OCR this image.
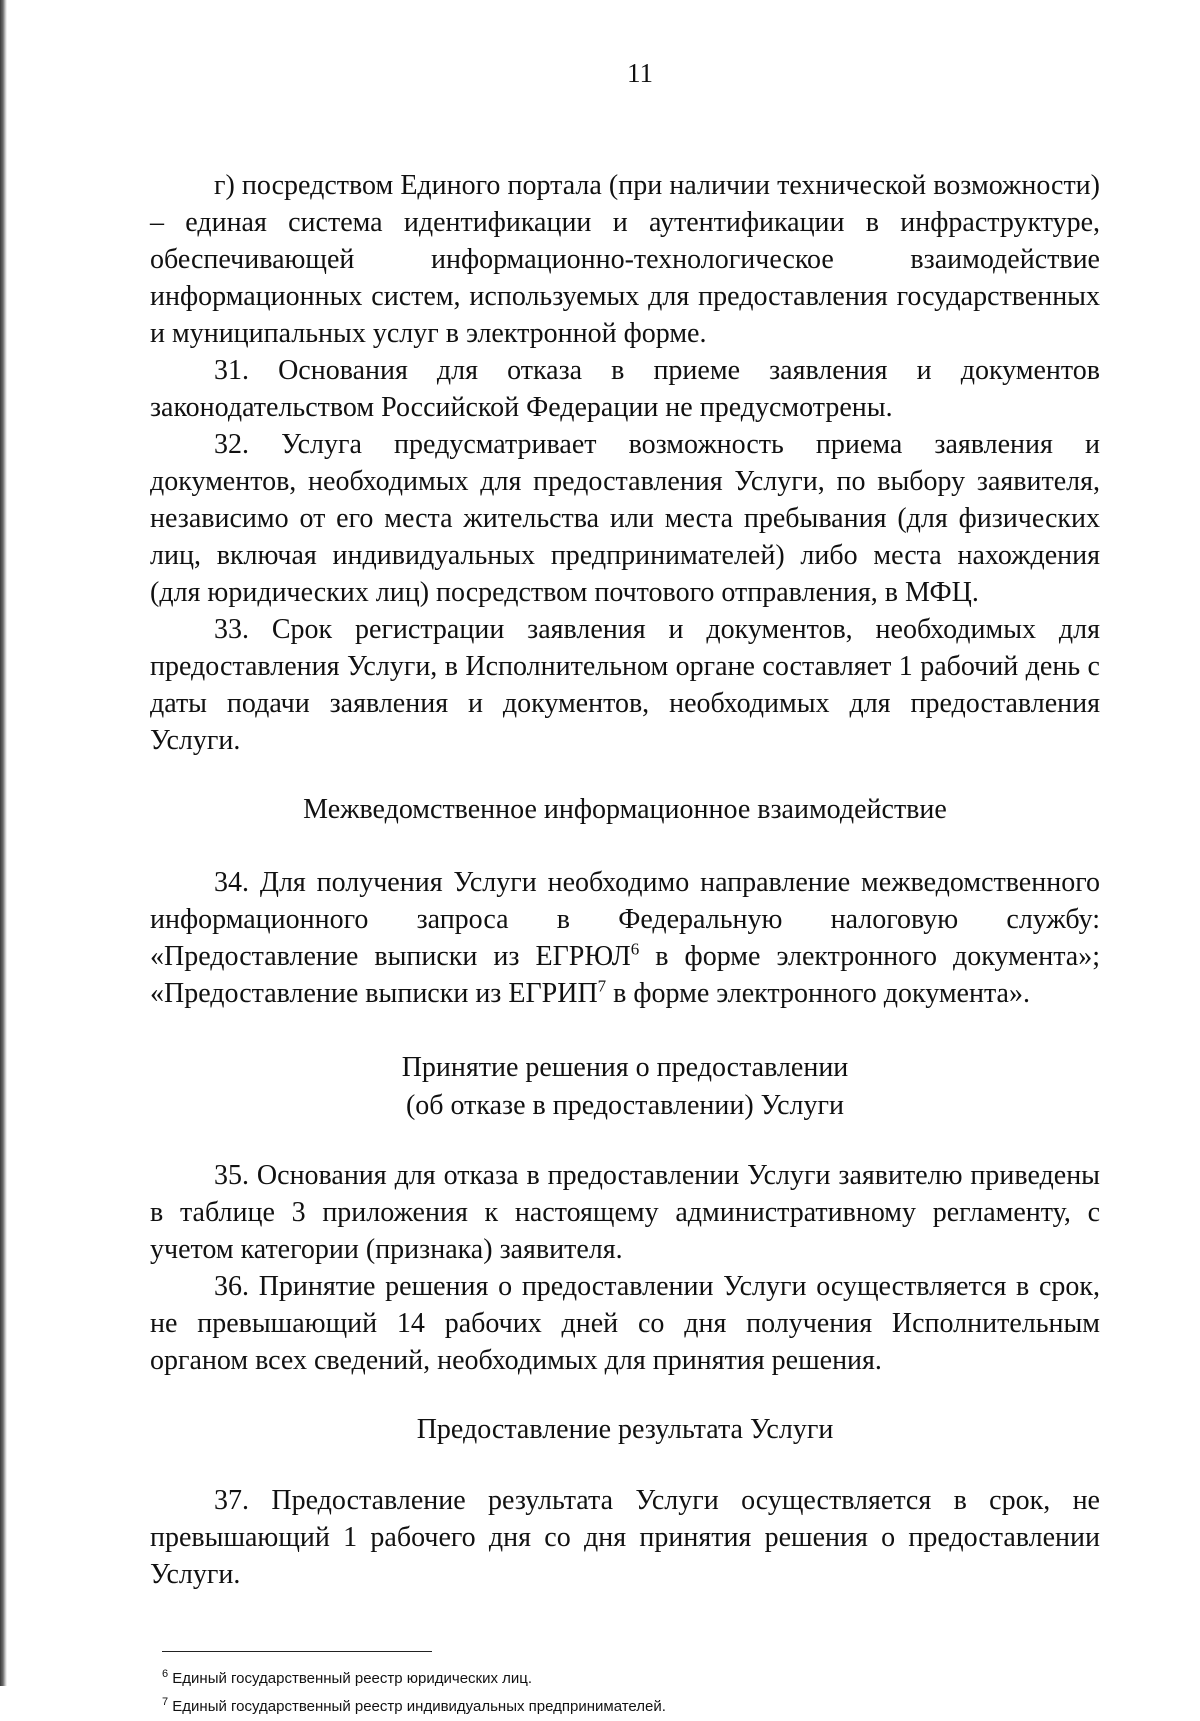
11

г) посредством Единого портала (при наличии технической возможности) – единая система идентификации и аутентификации в инфраструктуре, обеспечивающей информационно-технологическое взаимодействие информационных систем, используемых для предоставления государственных и муниципальных услуг в электронной форме.

31. Основания для отказа в приеме заявления и документов законодательством Российской Федерации не предусмотрены.

32. Услуга предусматривает возможность приема заявления и документов, необходимых для предоставления Услуги, по выбору заявителя, независимо от его места жительства или места пребывания (для физических лиц, включая индивидуальных предпринимателей) либо места нахождения (для юридических лиц) посредством почтового отправления, в МФЦ.

33. Срок регистрации заявления и документов, необходимых для предоставления Услуги, в Исполнительном органе составляет 1 рабочий день с даты подачи заявления и документов, необходимых для предоставления Услуги.

Межведомственное информационное взаимодействие

34. Для получения Услуги необходимо направление межведомственного информационного запроса в Федеральную налоговую службу: «Предоставление выписки из ЕГРЮЛ$^6$ в форме электронного документа»; «Предоставление выписки из ЕГРИП$^7$ в форме электронного документа».

Принятие решения о предоставлении
(об отказе в предоставлении) Услуги

35. Основания для отказа в предоставлении Услуги заявителю приведены в таблице 3 приложения к настоящему административному регламенту, с учетом категории (признака) заявителя.

36. Принятие решения о предоставлении Услуги осуществляется в срок, не превышающий 14 рабочих дней со дня получения Исполнительным органом всех сведений, необходимых для принятия решения.

Предоставление результата Услуги

37. Предоставление результата Услуги осуществляется в срок, не превышающий 1 рабочего дня со дня принятия решения о предоставлении Услуги.

$^6$ Единый государственный реестр юридических лиц.
$^7$ Единый государственный реестр индивидуальных предпринимателей.
